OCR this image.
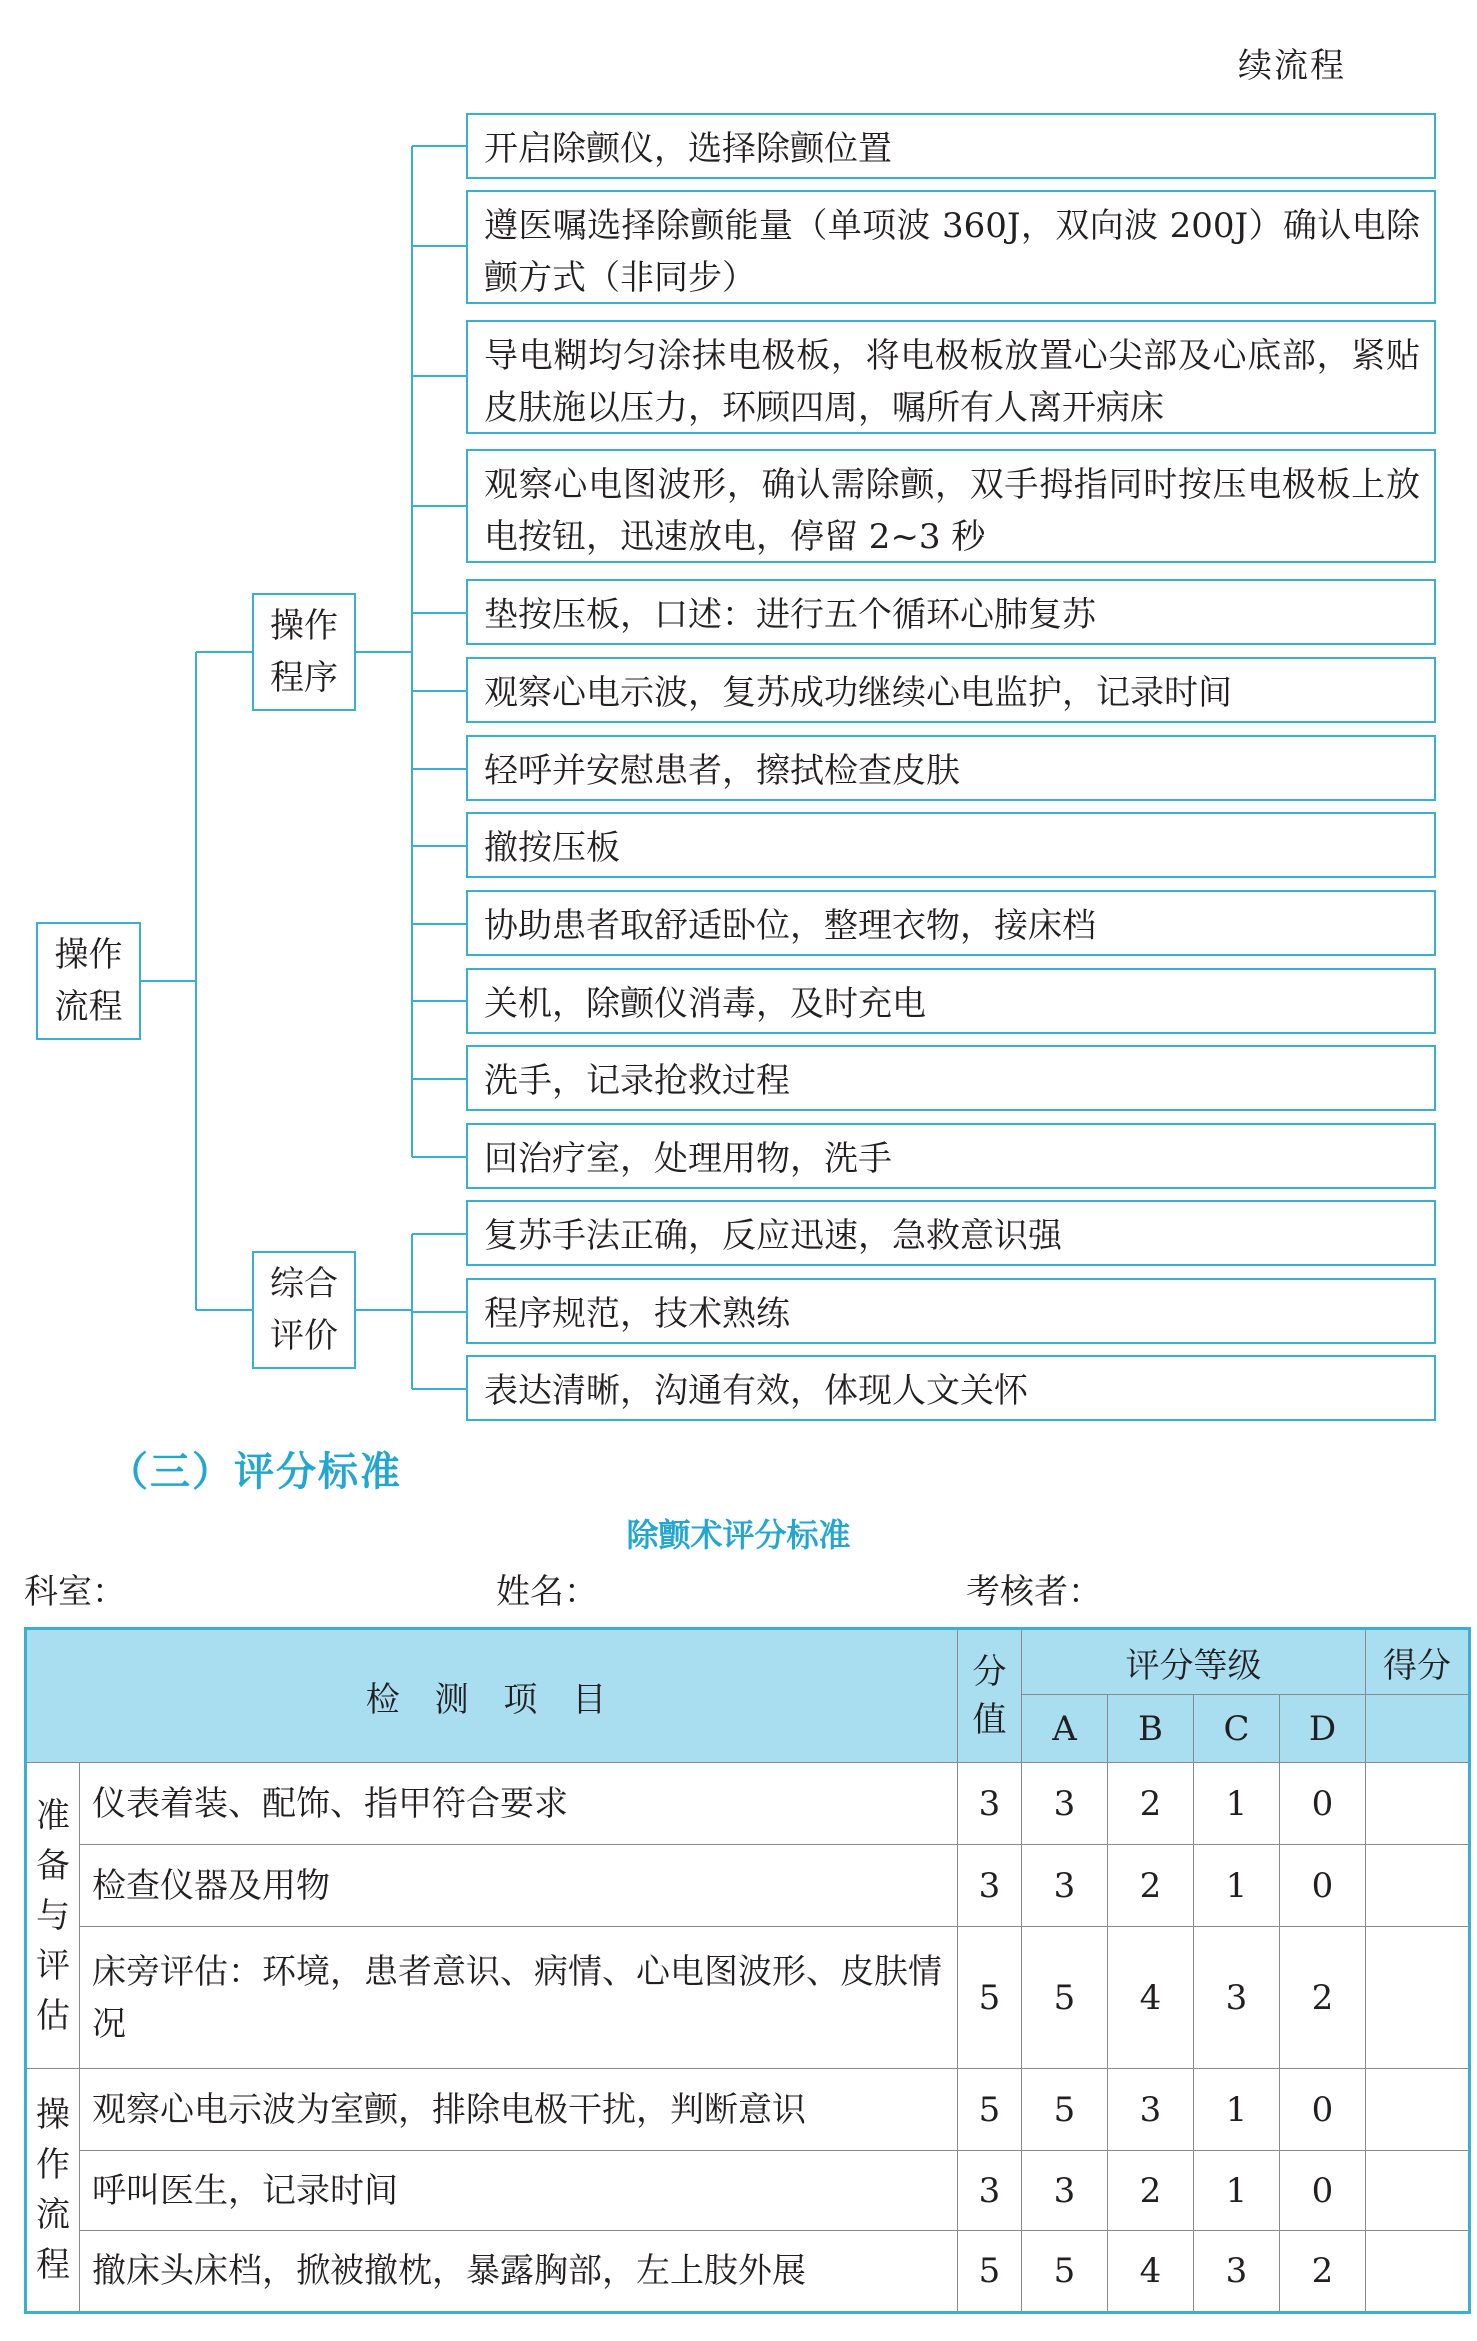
续流程
操作
流程
操作
程序
综合
评价
开启除颤仪，选择除颤位置
遵医嘱选择除颤能量（单项波 360J，双向波 200J）确认电除颤方式（非同步）
导电糊均匀涂抹电极板，将电极板放置心尖部及心底部，紧贴皮肤施以压力，环顾四周，嘱所有人离开病床
观察心电图波形，确认需除颤，双手拇指同时按压电极板上放电按钮，迅速放电，停留 2~3 秒
垫按压板，口述：进行五个循环心肺复苏
观察心电示波，复苏成功继续心电监护，记录时间
轻呼并安慰患者，擦拭检查皮肤
撤按压板
协助患者取舒适卧位，整理衣物，接床档
关机，除颤仪消毒，及时充电
洗手，记录抢救过程
回治疗室，处理用物，洗手
复苏手法正确，反应迅速，急救意识强
程序规范，技术熟练
表达清晰，沟通有效，体现人文关怀
（三）评分标准
除颤术评分标准
科室：	姓名：	考核者：
检 测 项 目		分值	评分等级				得分
			A	B	C	D	

准备与评估	仪表着装、配饰、指甲符合要求	3	3	2	1	0	
	检查仪器及用物	3	3	2	1	0	
	床旁评估：环境，患者意识、病情、心电图波形、皮肤情况	5	5	4	3	2	

操作流程	观察心电示波为室颤，排除电极干扰，判断意识	5	5	3	1	0	
	呼叫医生，记录时间	3	3	2	1	0	
	撤床头床档，掀被撤枕，暴露胸部，左上肢外展	5	5	4	3	2	
